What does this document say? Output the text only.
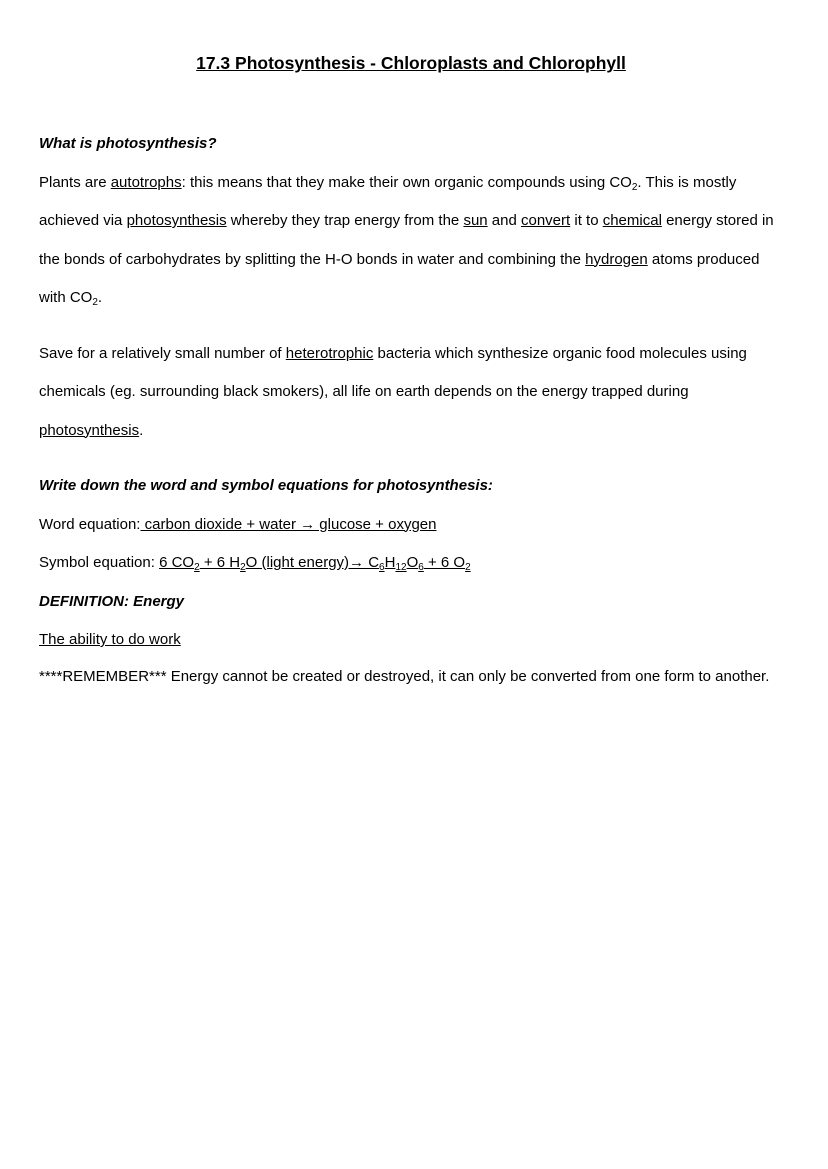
17.3 Photosynthesis - Chloroplasts and Chlorophyll
What is photosynthesis?
Plants are autotrophs: this means that they make their own organic compounds using $CO_2$. This is mostly achieved via photosynthesis whereby they trap energy from the sun and convert it to chemical energy stored in the bonds of carbohydrates by splitting the H-O bonds in water and combining the hydrogen atoms produced with $CO_2$.
Save for a relatively small number of heterotrophic bacteria which synthesize organic food molecules using chemicals (eg. surrounding black smokers), all life on earth depends on the energy trapped during photosynthesis.
Write down the word and symbol equations for photosynthesis:
Word equation: carbon dioxide + water → glucose + oxygen
Symbol equation: 6 $CO_2 + 6$ $H_2O$ (light energy)→ $C_6H_{12}O_6 + 6$ $O_2$
DEFINITION: Energy
The ability to do work
****REMEMBER*** Energy cannot be created or destroyed, it can only be converted from one form to another.
